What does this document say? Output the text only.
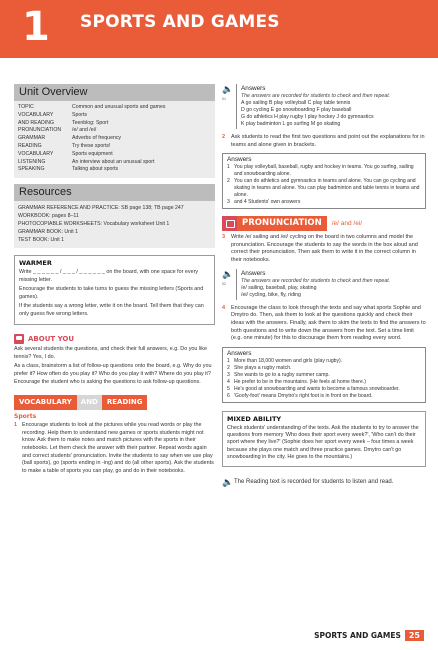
1 SPORTS AND GAMES
Unit Overview
TOPIC	Common and unusual sports and games
VOCABULARY	Sports
AND READING	Teenblog: Sport
PRONUNCIATION	/e/ and /ei/
GRAMMAR	Adverbs of frequency
READING	Try these sports!
VOCABULARY	Sports equipment
LISTENING	An interview about an unusual sport
SPEAKING	Talking about sports
Resources
GRAMMAR REFERENCE AND PRACTICE: SB page 138; TB page 247
WORKBOOK: pages 8–11
PHOTOCOPIABLE WORKSHEETS: Vocabulary worksheet Unit 1
GRAMMAR BOOK: Unit 1
TEST BOOK: Unit 1
WARMER

Write _ _ _ _ _ _ / _ _ _ / _ _ _ _ _ _ on the board, with one space for every missing letter.

Encourage the students to take turns to guess the missing letters (Sports and games).

If the students say a wrong letter, write it on the board. Tell them that they can only guess five wrong letters.

ABOUT YOU
Ask several students the questions, and check their full answers, e.g. Do you like tennis? Yes, I do.
As a class, brainstorm a list of follow-up questions onto the board, e.g. Why do you prefer it? How often do you play it? Who do you play it with? Where do you play it? Encourage the student who is asking the questions to ask follow-up questions.
VOCABULARY	AND	READING
Sports
1 Encourage students to look at the pictures while you read words or play the recording. Help them to understand new games or sports students might not know. Ask them to make notes and match pictures with the sports in their notebooks. Let them check the answer with their partner. Repeat words again and correct students' pronunciation. Invite the students to say when we use play (ball sports), go (sports ending in -ing) and do (all other sports). Ask the students to make a table of sports you can play, go and do in their notebooks.
🔈
01
Answers
The answers are recorded for students to check and then repeat.
A go sailing B play volleyball C play table tennis
D go cycling E go snowboarding F play baseball
G do athletics H play rugby I play hockey J do gymnastics
K play badminton L go surfing M go skating
2	Ask students to read the first two questions and point out the explanations for in teams and alone given in brackets.
Answers
1 You play volleyball, baseball, rugby and hockey in teams. You go surfing, sailing and snowboarding alone.
2 You can do athletics and gymnastics in teams and alone. You can go cycling and skating in teams and alone. You can play badminton and table tennis in teams and alone.
3 and 4 Students' own answers
PRONUNCIATION	/e/ and /ei/
3	Write /e/ sailing and /ei/ cycling on the board in two columns and model the pronunciation. Encourage the students to say the words in the box aloud and correct their pronunciation. Then ask them to write it in the correct column in their notebooks.
🔈
02
Answers
The answers are recorded for students to check and then repeat.
/e/ sailing, baseball, play, skating
/ei/ cycling, bike, fly, riding
4	Encourage the class to look through the texts and say what sports Sophie and Dmytro do. Then, ask them to look at the questions quickly and check their ideas with the answers. Finally, ask them to skim the texts to find the answers to both questions and to write down the answers from the text. Set a time limit (e.g. one minute) for this to discourage them from reading every word.
Answers
1 More than 18,000 women and girls (play rugby).
2 She plays a rugby match.
3 She wants to go to a rugby summer camp.
4 He prefer to be in the mountains. (He feels at home there.)
5 He's good at snowboarding and wants to become a famous snowboarder.
6 'Goofy-foot' means Dmytro's right foot is in front on the board.
MIXED ABILITY

Check students' understanding of the texts. Ask the students to try to answer the questions from memory 'Who does their sport every week?', 'Who can't do their sport where they live?' (Sophie does her sport every week – four times a week because she plays one match and three practice games. Dmytro can't go snowboarding in the city. He goes to the mountains.)

🔈 The Reading text is recorded for students to listen and read.
SPORTS AND GAMES	25
